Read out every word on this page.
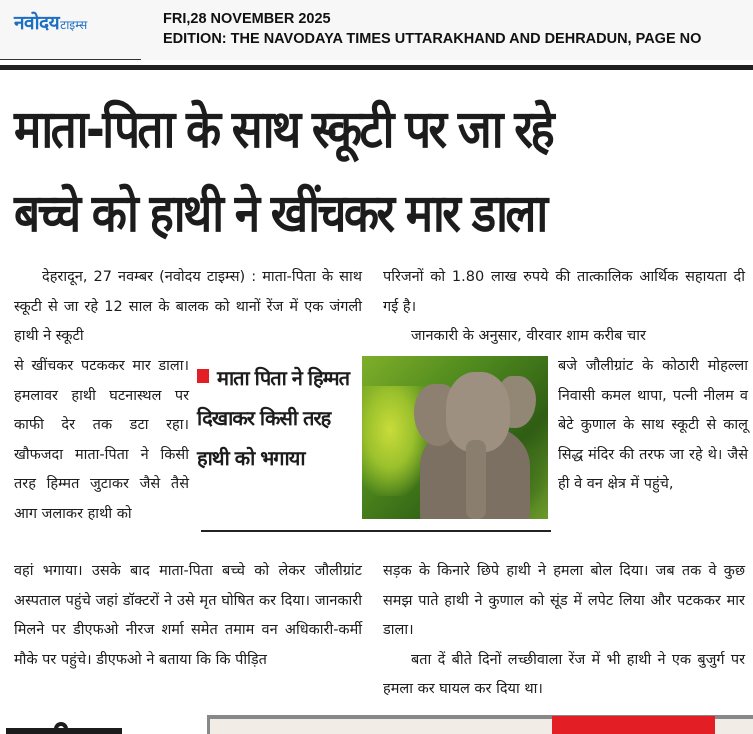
नवोदय टाइम्स	FRI,28 NOVEMBER 2025
EDITION: THE NAVODAYA TIMES UTTARAKHAND AND DEHRADUN, PAGE NO
माता-पिता के साथ स्कूटी पर जा रहे
बच्चे को हाथी ने खींचकर मार डाला
देहरादून, 27 नवम्बर (नवोदय टाइम्स) : माता-पिता के साथ स्कूटी से जा रहे 12 साल के बालक को थानों रेंज में एक जंगली हाथी ने स्कूटी
से खींचकर पटककर मार डाला। हमलावर हाथी घटनास्थल पर काफी देर तक डटा रहा। खौफजदा माता-पिता ने किसी तरह हिम्मत जुटाकर जैसे तैसे आग जलाकर हाथी को
वहां भगाया। उसके बाद माता-पिता बच्चे को लेकर जौलीग्रांट अस्पताल पहुंचे जहां डॉक्टरों ने उसे मृत घोषित कर दिया। जानकारी मिलने पर डीएफओ नीरज शर्मा समेत तमाम वन अधिकारी-कर्मी मौके पर पहुंचे। डीएफओ ने बताया कि कि पीड़ित
माता पिता ने हिम्मत दिखाकर किसी तरह हाथी को भगाया
परिजनों को 1.80 लाख रुपये की तात्कालिक आर्थिक सहायता दी गई है।
जानकारी के अनुसार, वीरवार शाम करीब चार
बजे जौलीग्रांट के कोठारी मोहल्ला निवासी कमल थापा, पत्नी नीलम व बेटे कुणाल के साथ स्कूटी से कालू सिद्ध मंदिर की तरफ जा रहे थे। जैसे ही वे वन क्षेत्र में पहुंचे,
सड़क के किनारे छिपे हाथी ने हमला बोल दिया। जब तक वे कुछ समझ पाते हाथी ने कुणाल को सूंड में लपेट लिया और पटककर मार डाला।
बता दें बीते दिनों लच्छीवाला रेंज में भी हाथी ने एक बुजुर्ग पर हमला कर घायल कर दिया था।
